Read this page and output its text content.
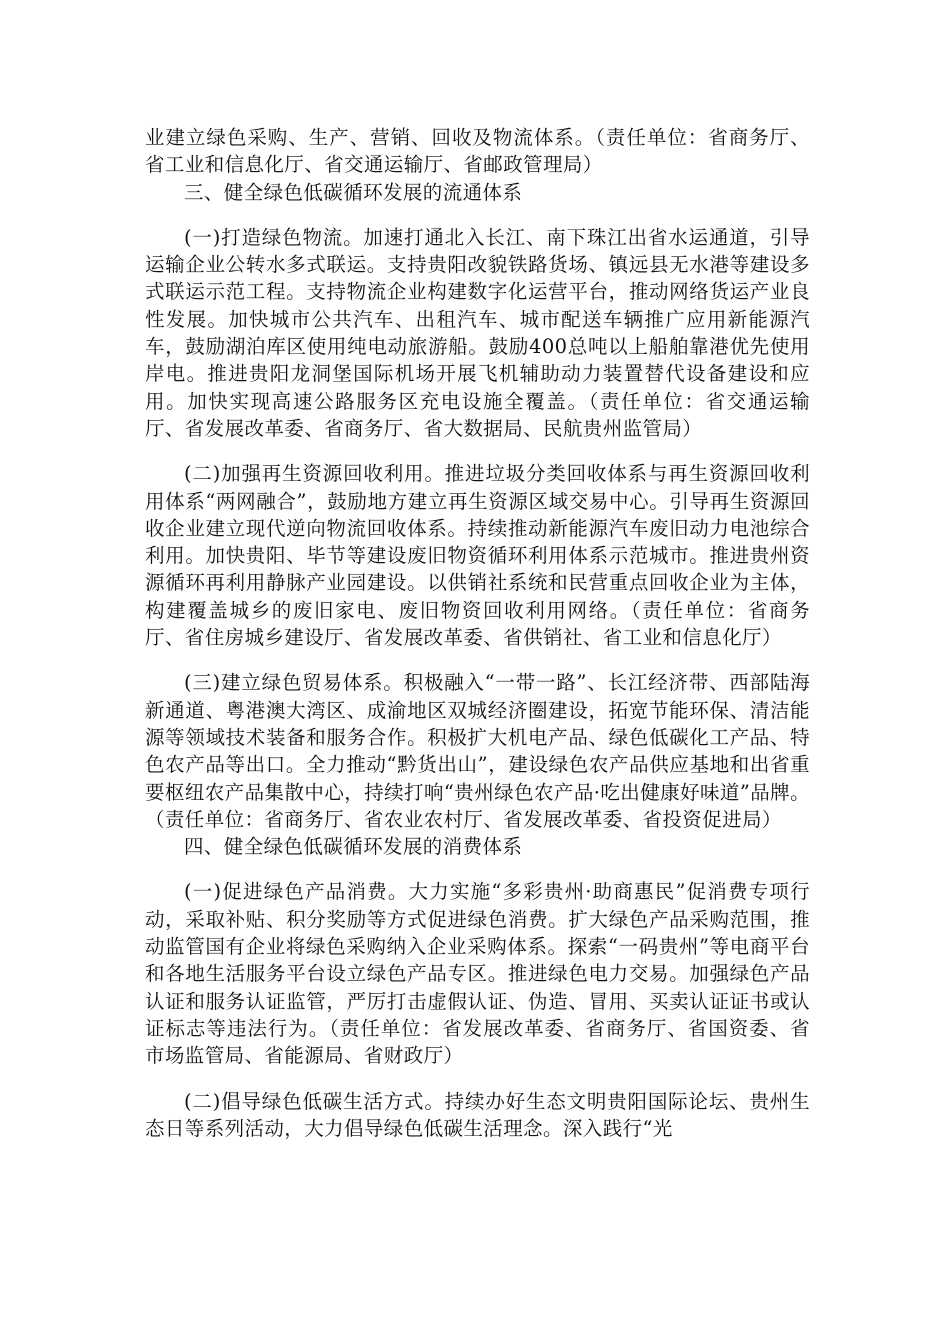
业建立绿色采购、生产、营销、回收及物流体系。（责任单位：省商务厅、省工业和信息化厅、省交通运输厅、省邮政管理局）

三、健全绿色低碳循环发展的流通体系

(一)打造绿色物流。加速打通北入长江、南下珠江出省水运通道，引导运输企业公转水多式联运。支持贵阳改貌铁路货场、镇远县无水港等建设多式联运示范工程。支持物流企业构建数字化运营平台，推动网络货运产业良性发展。加快城市公共汽车、出租汽车、城市配送车辆推广应用新能源汽车，鼓励湖泊库区使用纯电动旅游船。鼓励400总吨以上船舶靠港优先使用岸电。推进贵阳龙洞堡国际机场开展飞机辅助动力装置替代设备建设和应用。加快实现高速公路服务区充电设施全覆盖。（责任单位：省交通运输厅、省发展改革委、省商务厅、省大数据局、民航贵州监管局）

(二)加强再生资源回收利用。推进垃圾分类回收体系与再生资源回收利用体系“两网融合”，鼓励地方建立再生资源区域交易中心。引导再生资源回收企业建立现代逆向物流回收体系。持续推动新能源汽车废旧动力电池综合利用。加快贵阳、毕节等建设废旧物资循环利用体系示范城市。推进贵州资源循环再利用静脉产业园建设。以供销社系统和民营重点回收企业为主体，构建覆盖城乡的废旧家电、废旧物资回收利用网络。（责任单位：省商务厅、省住房城乡建设厅、省发展改革委、省供销社、省工业和信息化厅）

(三)建立绿色贸易体系。积极融入“一带一路”、长江经济带、西部陆海新通道、粤港澳大湾区、成渝地区双城经济圈建设，拓宽节能环保、清洁能源等领域技术装备和服务合作。积极扩大机电产品、绿色低碳化工产品、特色农产品等出口。全力推动“黔货出山”，建设绿色农产品供应基地和出省重要枢纽农产品集散中心，持续打响“贵州绿色农产品·吃出健康好味道”品牌。（责任单位：省商务厅、省农业农村厅、省发展改革委、省投资促进局）

四、健全绿色低碳循环发展的消费体系

(一)促进绿色产品消费。大力实施“多彩贵州·助商惠民”促消费专项行动，采取补贴、积分奖励等方式促进绿色消费。扩大绿色产品采购范围，推动监管国有企业将绿色采购纳入企业采购体系。探索“一码贵州”等电商平台和各地生活服务平台设立绿色产品专区。推进绿色电力交易。加强绿色产品认证和服务认证监管，严厉打击虚假认证、伪造、冒用、买卖认证证书或认证标志等违法行为。（责任单位：省发展改革委、省商务厅、省国资委、省市场监管局、省能源局、省财政厅）

(二)倡导绿色低碳生活方式。持续办好生态文明贵阳国际论坛、贵州生态日等系列活动，大力倡导绿色低碳生活理念。深入践行“光
